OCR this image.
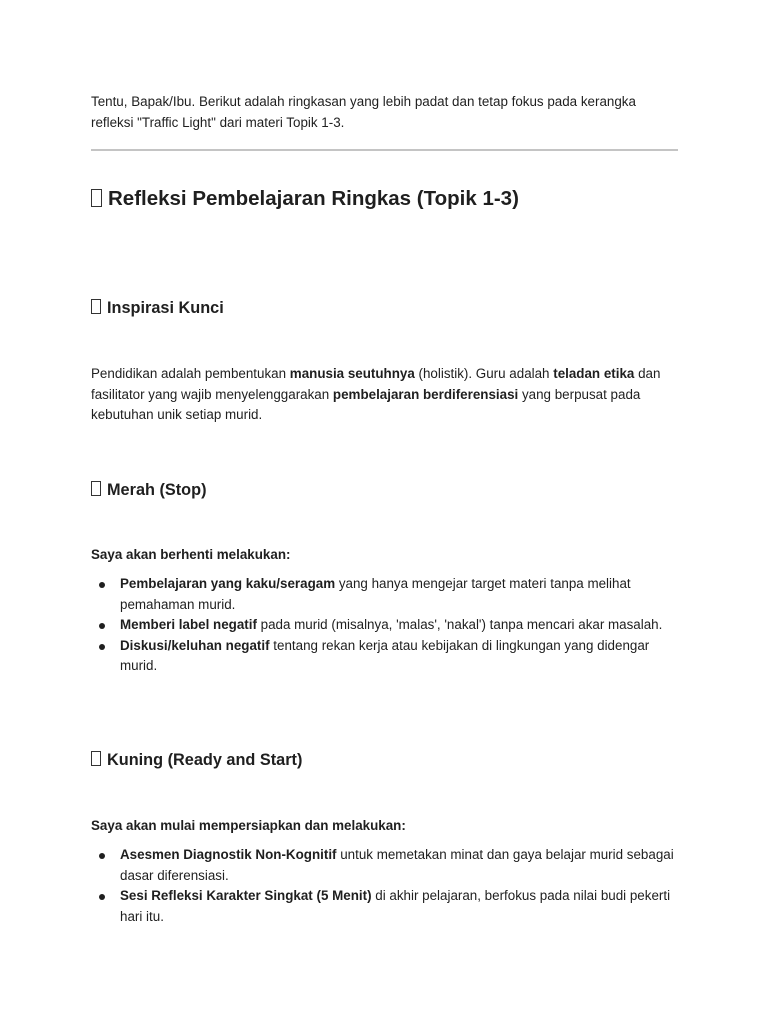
Tentu, Bapak/Ibu. Berikut adalah ringkasan yang lebih padat dan tetap fokus pada kerangka refleksi "Traffic Light" dari materi Topik 1-3.

Refleksi Pembelajaran Ringkas (Topik 1-3)
Inspirasi Kunci

Pendidikan adalah pembentukan manusia seutuhnya (holistik). Guru adalah teladan etika dan fasilitator yang wajib menyelenggarakan pembelajaran berdiferensiasi yang berpusat pada kebutuhan unik setiap murid.

Merah (Stop)
Saya akan berhenti melakukan:
Pembelajaran yang kaku/seragam yang hanya mengejar target materi tanpa melihat pemahaman murid.
Memberi label negatif pada murid (misalnya, 'malas', 'nakal') tanpa mencari akar masalah.
Diskusi/keluhan negatif tentang rekan kerja atau kebijakan di lingkungan yang didengar murid.
Kuning (Ready and Start)
Saya akan mulai mempersiapkan dan melakukan:
Asesmen Diagnostik Non-Kognitif untuk memetakan minat dan gaya belajar murid sebagai dasar diferensiasi.
Sesi Refleksi Karakter Singkat (5 Menit) di akhir pelajaran, berfokus pada nilai budi pekerti hari itu.
